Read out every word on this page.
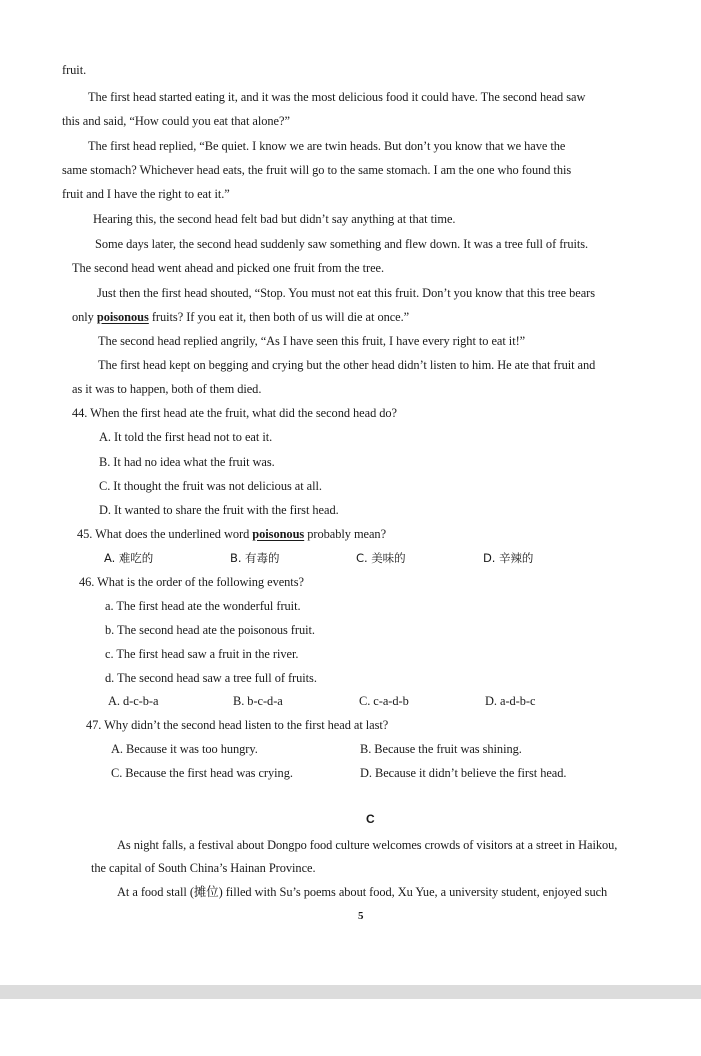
fruit.
The first head started eating it, and it was the most delicious food it could have. The second head saw
this and said, “How could you eat that alone?”
The first head replied, “Be quiet. I know we are twin heads. But don’t you know that we have the
same stomach? Whichever head eats, the fruit will go to the same stomach. I am the one who found this
fruit and I have the right to eat it.”
Hearing this, the second head felt bad but didn’t say anything at that time.
Some days later, the second head suddenly saw something and flew down. It was a tree full of fruits.
The second head went ahead and picked one fruit from the tree.
Just then the first head shouted, “Stop. You must not eat this fruit. Don’t you know that this tree bears
only poisonous fruits? If you eat it, then both of us will die at once.”
The second head replied angrily, “As I have seen this fruit, I have every right to eat it!”
The first head kept on begging and crying but the other head didn’t listen to him. He ate that fruit and
as it was to happen, both of them died.
44. When the first head ate the fruit, what did the second head do?
A. It told the first head not to eat it.
B. It had no idea what the fruit was.
C. It thought the fruit was not delicious at all.
D. It wanted to share the fruit with the first head.
45. What does the underlined word poisonous probably mean?
A. 难吃的	B. 有毒的	C. 美味的	D. 辛辣的
46. What is the order of the following events?
a. The first head ate the wonderful fruit.
b. The second head ate the poisonous fruit.
c. The first head saw a fruit in the river.
d. The second head saw a tree full of fruits.
A. d-c-b-a	B. b-c-d-a	C. c-a-d-b	D. a-d-b-c
47. Why didn’t the second head listen to the first head at last?
A. Because it was too hungry.	B. Because the fruit was shining.
C. Because the first head was crying.	D. Because it didn’t believe the first head.
C
As night falls, a festival about Dongpo food culture welcomes crowds of visitors at a street in Haikou,
the capital of South China’s Hainan Province.
At a food stall (摊位) filled with Su’s poems about food, Xu Yue, a university student, enjoyed such
5
